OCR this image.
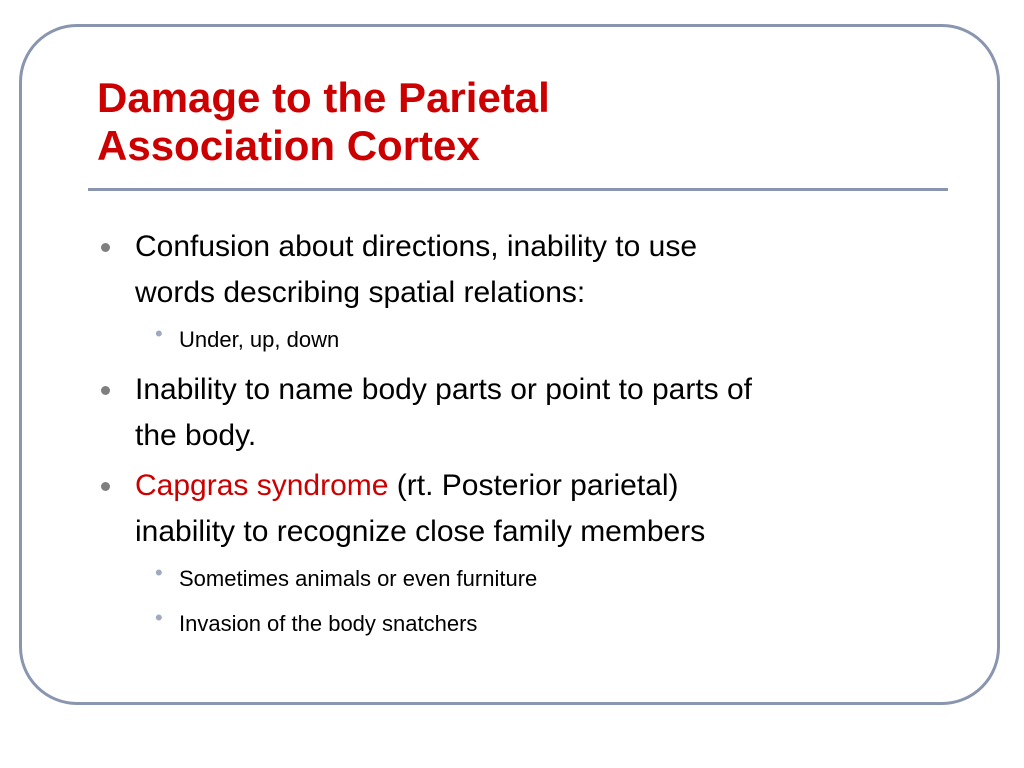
Damage to the Parietal
Association Cortex
Confusion about directions, inability to use
words describing spatial relations:
• Under, up, down
Inability to name body parts or point to parts of
the body.
Capgras syndrome (rt. Posterior parietal)
inability to recognize close family members
• Sometimes animals or even furniture
• Invasion of the body snatchers
